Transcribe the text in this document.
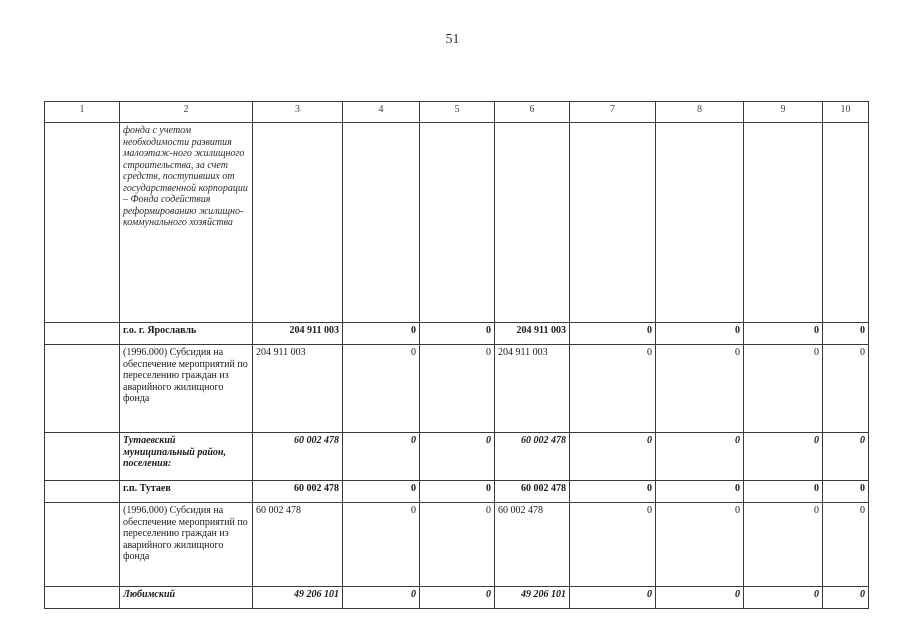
51
1	2	3	4	5	6	7	8	9	10
	фонда с учетом необходимости развития малоэтаж-ного жилищного строительства, за счет средств, поступивших от государственной корпорации – Фонда содействия реформированию жилищно-коммунального хозяйства								
	г.о. г. Ярославль	204 911 003	0	0	204 911 003	0	0	0	0
	(1996.000) Субсидия на обеспечение мероприятий по переселению граждан из аварийного жилищного фонда	204 911 003	0	0	204 911 003	0	0	0	0
	Тутаевский муниципальный район, поселения:	60 002 478	0	0	60 002 478	0	0	0	0
	г.п. Тутаев	60 002 478	0	0	60 002 478	0	0	0	0
	(1996.000) Субсидия на обеспечение мероприятий по переселению граждан из аварийного жилищного фонда	60 002 478	0	0	60 002 478	0	0	0	0
	Любимский	49 206 101	0	0	49 206 101	0	0	0	0
